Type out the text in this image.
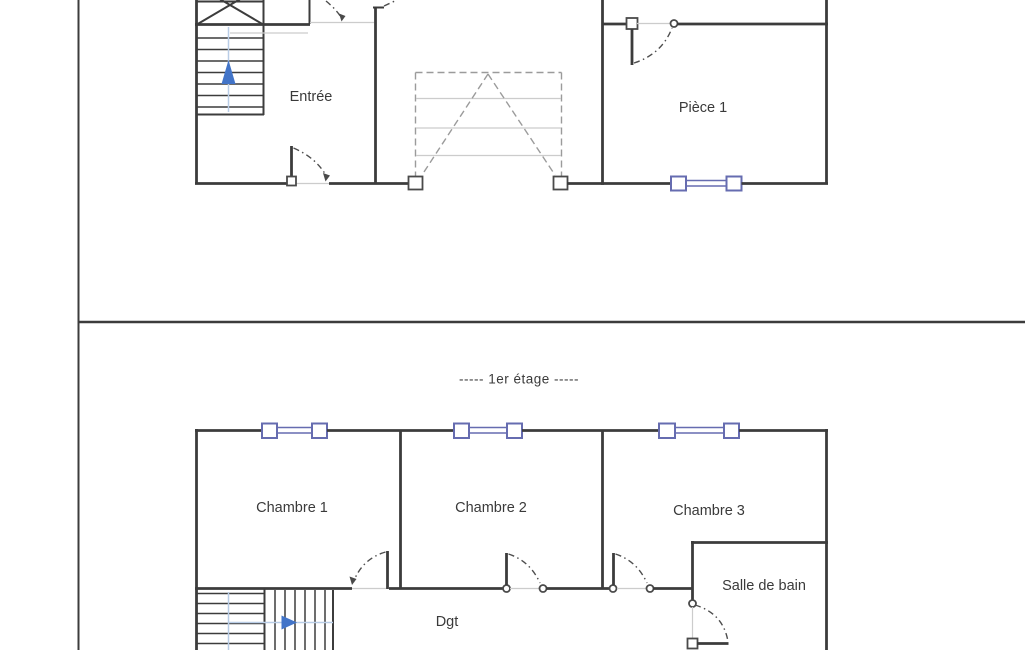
Entrée
Pièce 1
----- 1er étage -----
Chambre 1	Chambre 2	Chambre 3
Salle de bain
Dgt
